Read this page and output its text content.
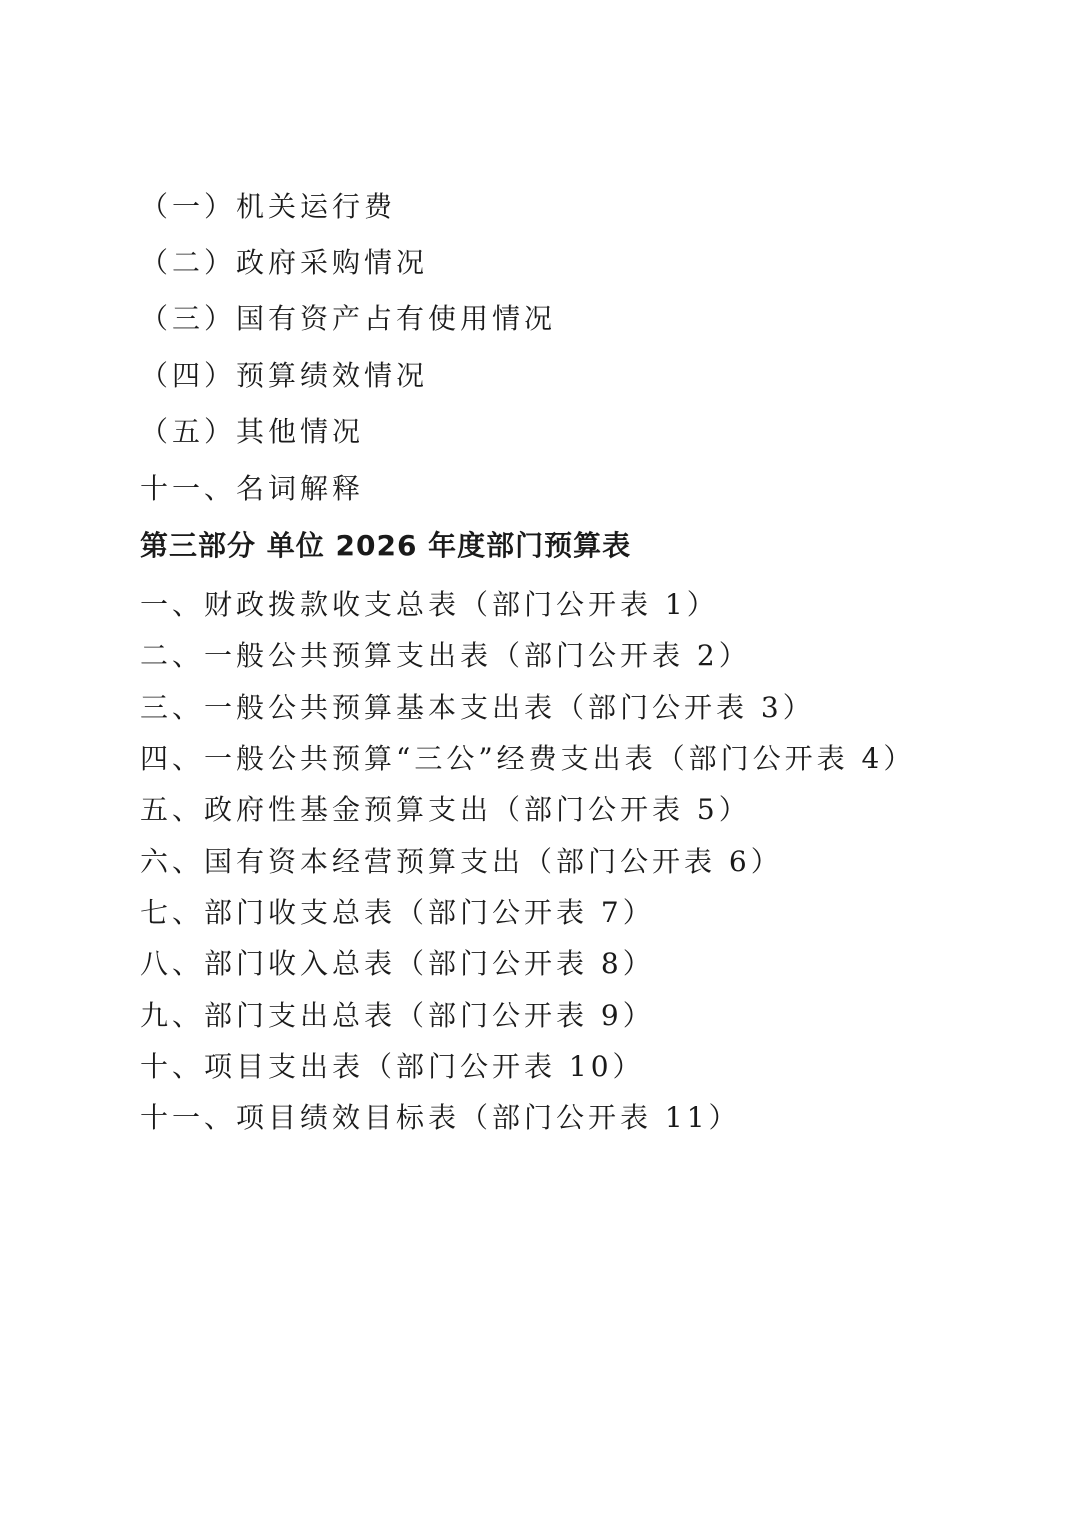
（一）机关运行费
（二）政府采购情况
（三）国有资产占有使用情况
（四）预算绩效情况
（五）其他情况
十一、名词解释
第三部分 单位 2026 年度部门预算表
一、财政拨款收支总表（部门公开表 1）
二、一般公共预算支出表（部门公开表 2）
三、一般公共预算基本支出表（部门公开表 3）
四、一般公共预算“三公”经费支出表（部门公开表 4）
五、政府性基金预算支出（部门公开表 5）
六、国有资本经营预算支出（部门公开表 6）
七、部门收支总表（部门公开表 7）
八、部门收入总表（部门公开表 8）
九、部门支出总表（部门公开表 9）
十、项目支出表（部门公开表 10）
十一、项目绩效目标表（部门公开表 11）
